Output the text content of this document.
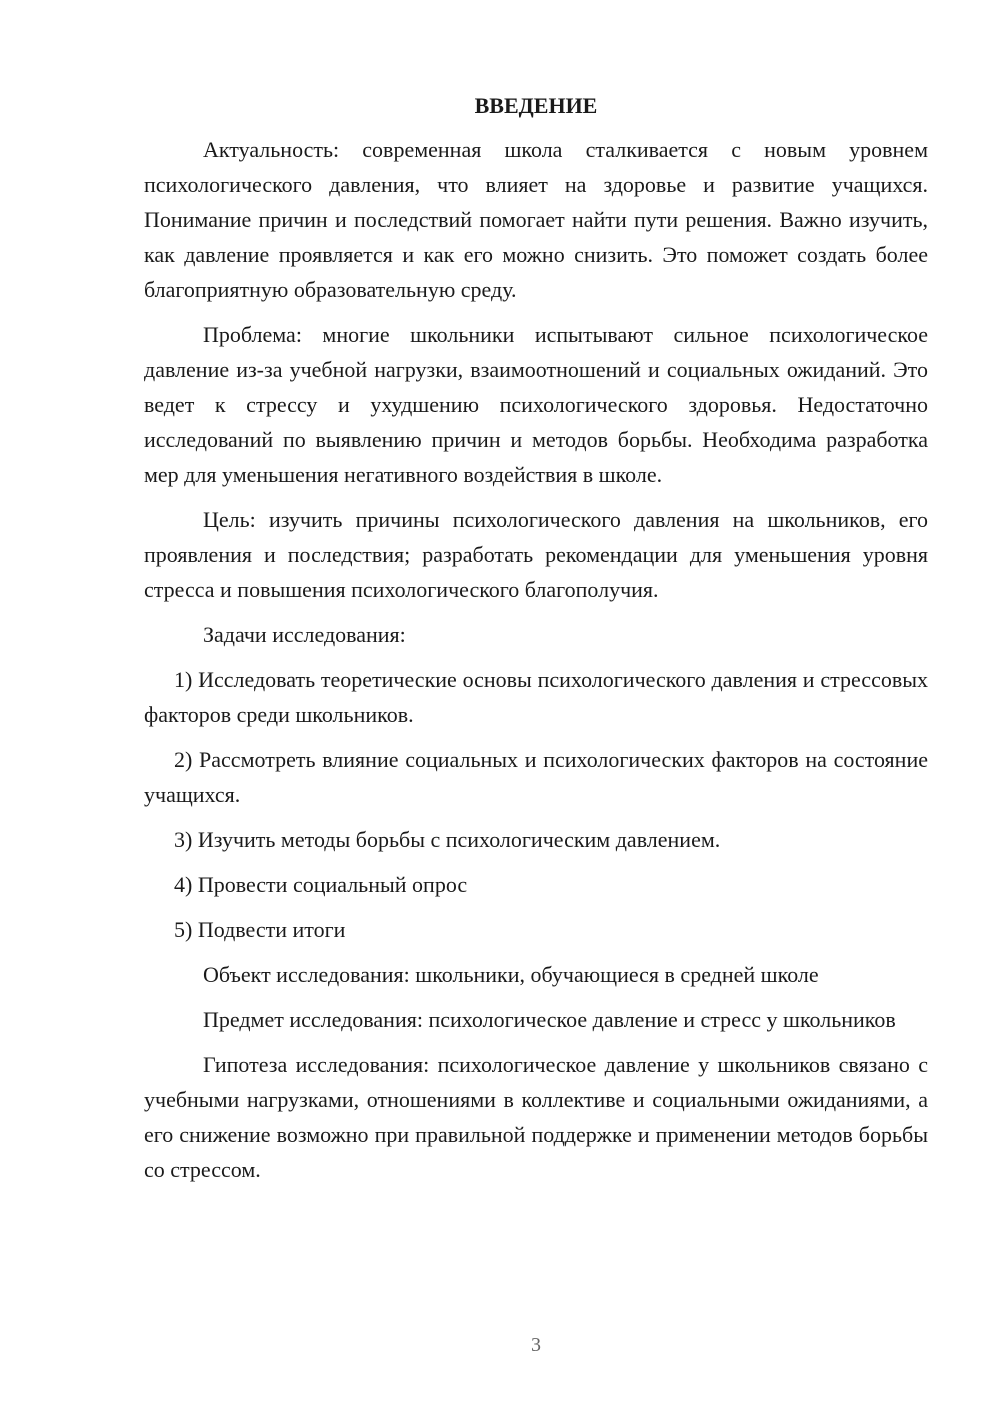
ВВЕДЕНИЕ

Актуальность: современная школа сталкивается с новым уровнем психологического давления, что влияет на здоровье и развитие учащихся. Понимание причин и последствий помогает найти пути решения. Важно изучить, как давление проявляется и как его можно снизить. Это поможет создать более благоприятную образовательную среду.

Проблема: многие школьники испытывают сильное психологическое давление из-за учебной нагрузки, взаимоотношений и социальных ожиданий. Это ведет к стрессу и ухудшению психологического здоровья. Недостаточно исследований по выявлению причин и методов борьбы. Необходима разработка мер для уменьшения негативного воздействия в школе.

Цель: изучить причины психологического давления на школьников, его проявления и последствия; разработать рекомендации для уменьшения уровня стресса и повышения психологического благополучия.

Задачи исследования:

1) Исследовать теоретические основы психологического давления и стрессовых факторов среди школьников.

2) Рассмотреть влияние социальных и психологических факторов на состояние учащихся.

3) Изучить методы борьбы с психологическим давлением.

4) Провести социальный опрос

5) Подвести итоги

Объект исследования: школьники, обучающиеся в средней школе

Предмет исследования: психологическое давление и стресс у школьников

Гипотеза исследования: психологическое давление у школьников связано с учебными нагрузками, отношениями в коллективе и социальными ожиданиями, а его снижение возможно при правильной поддержке и применении методов борьбы со стрессом.

3
